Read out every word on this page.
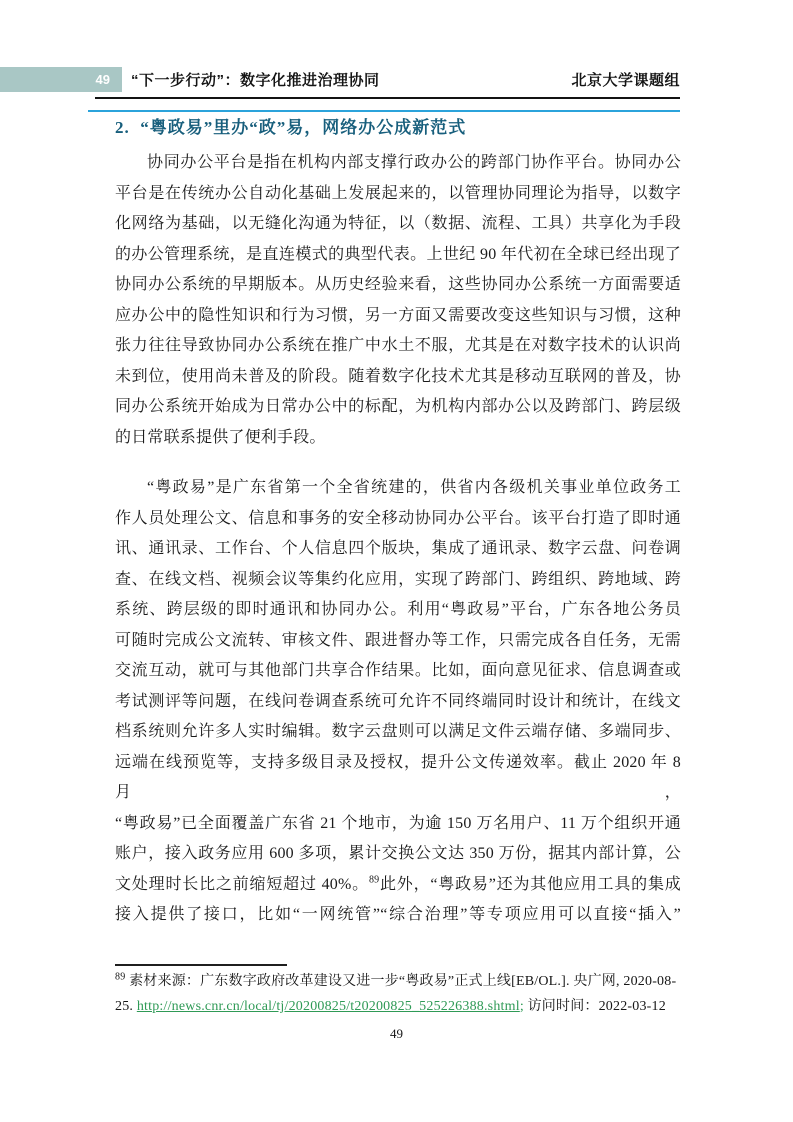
49	“下一步行动”：数字化推进治理协同	北京大学课题组
2.  “粤政易”里办“政”易，网络办公成新范式
协同办公平台是指在机构内部支撑行政办公的跨部门协作平台。协同办公
平台是在传统办公自动化基础上发展起来的，以管理协同理论为指导，以数字
化网络为基础，以无缝化沟通为特征，以（数据、流程、工具）共享化为手段
的办公管理系统，是直连模式的典型代表。上世纪 90 年代初在全球已经出现了
协同办公系统的早期版本。从历史经验来看，这些协同办公系统一方面需要适
应办公中的隐性知识和行为习惯，另一方面又需要改变这些知识与习惯，这种
张力往往导致协同办公系统在推广中水土不服，尤其是在对数字技术的认识尚
未到位，使用尚未普及的阶段。随着数字化技术尤其是移动互联网的普及，协
同办公系统开始成为日常办公中的标配，为机构内部办公以及跨部门、跨层级
的日常联系提供了便利手段。
“粤政易”是广东省第一个全省统建的，供省内各级机关事业单位政务工
作人员处理公文、信息和事务的安全移动协同办公平台。该平台打造了即时通
讯、通讯录、工作台、个人信息四个版块，集成了通讯录、数字云盘、问卷调
查、在线文档、视频会议等集约化应用，实现了跨部门、跨组织、跨地域、跨
系统、跨层级的即时通讯和协同办公。利用“粤政易”平台，广东各地公务员
可随时完成公文流转、审核文件、跟进督办等工作，只需完成各自任务，无需
交流互动，就可与其他部门共享合作结果。比如，面向意见征求、信息调查或
考试测评等问题，在线问卷调查系统可允许不同终端同时设计和统计，在线文
档系统则允许多人实时编辑。数字云盘则可以满足文件云端存储、多端同步、
远端在线预览等，支持多级目录及授权，提升公文传递效率。截止 2020 年 8 月，
“粤政易”已全面覆盖广东省 21 个地市，为逾 150 万名用户、11 万个组织开通
账户，接入政务应用 600 多项，累计交换公文达 350 万份，据其内部计算，公
文处理时长比之前缩短超过 40%。$^{89}$此外，“粤政易”还为其他应用工具的集成
接入提供了接口，比如“一网统管”“综合治理”等专项应用可以直接“插入”
$^{89}$ 素材来源：广东数字政府改革建设又进一步“粤政易”正式上线[EB/OL.]. 央广网, 2020-08-
25. http://news.cnr.cn/local/tj/20200825/t20200825_525226388.shtml; 访问时间：2022-03-12
49
